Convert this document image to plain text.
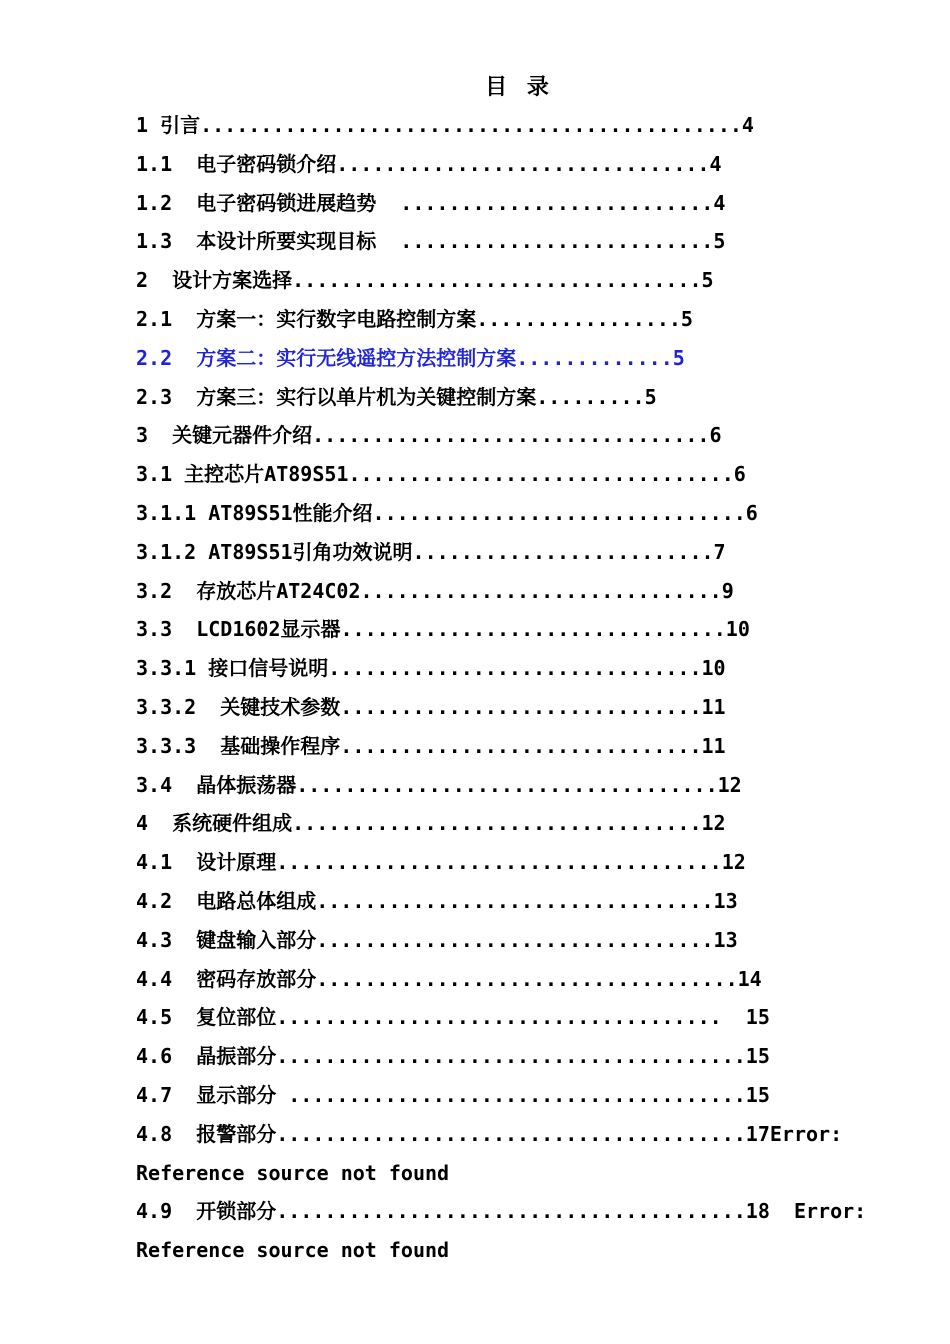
目 录
1 引言.............................................4
1.1  电子密码锁介绍...............................4
1.2  电子密码锁进展趋势  ..........................4
1.3  本设计所要实现目标  ..........................5
2  设计方案选择..................................5
2.1  方案一：实行数字电路控制方案.................5
2.2  方案二：实行无线遥控方法控制方案.............5
2.3  方案三：实行以单片机为关键控制方案.........5
3  关键元器件介绍.................................6
3.1 主控芯片AT89S51................................6
3.1.1 AT89S51性能介绍...............................6
3.1.2 AT89S51引角功效说明.........................7
3.2  存放芯片AT24C02..............................9
3.3  LCD1602显示器................................10
3.3.1 接口信号说明...............................10
3.3.2  关键技术参数..............................11
3.3.3  基础操作程序..............................11
3.4  晶体振荡器...................................12
4  系统硬件组成..................................12
4.1  设计原理.....................................12
4.2  电路总体组成.................................13
4.3  键盘输入部分.................................13
4.4  密码存放部分...................................14
4.5  复位部位.....................................  15
4.6  晶振部分.......................................15
4.7  显示部分 ......................................15
4.8  报警部分.......................................17Error:
Reference source not found
4.9  开锁部分.......................................18  Error:
Reference source not found
